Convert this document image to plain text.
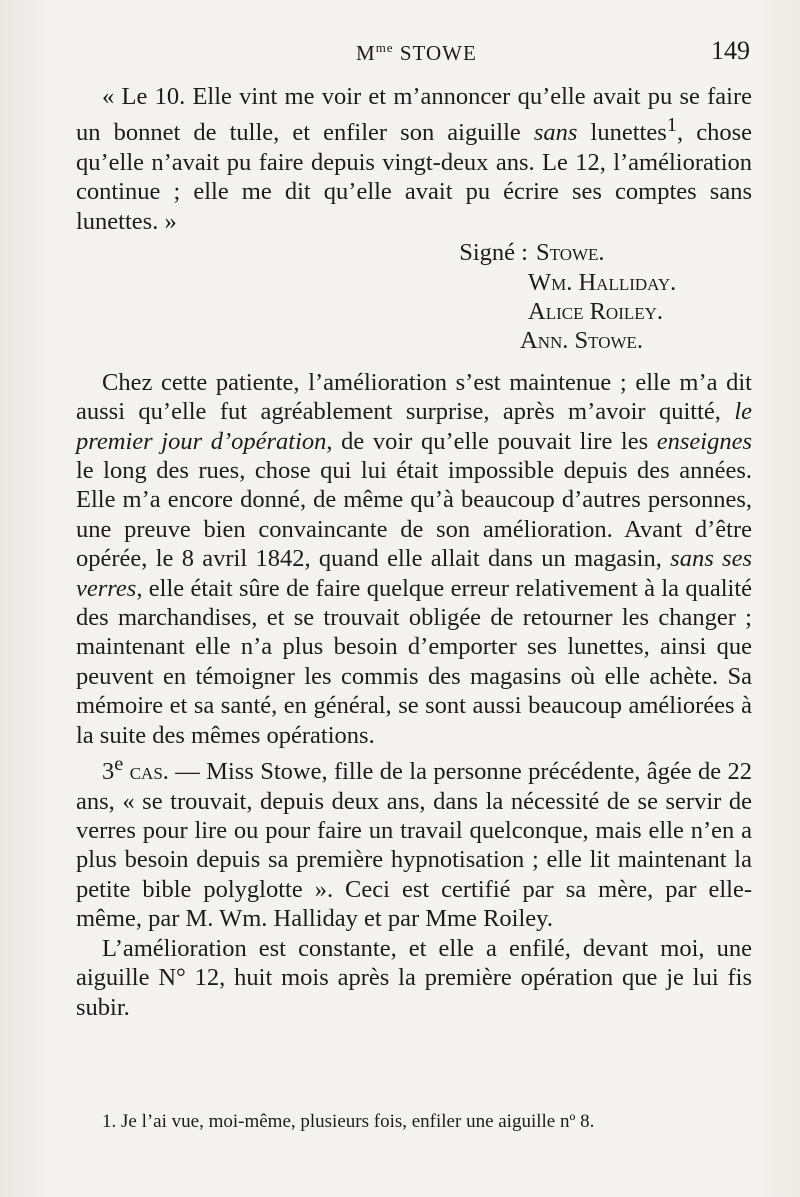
$M^{me}$ STOWE	149

« Le 10. Elle vint me voir et m’annoncer qu’elle avait pu se faire un bonnet de tulle, et enfiler son aiguille sans lunettes$^1$, chose qu’elle n’avait pu faire depuis vingt-deux ans. Le 12, l’amélioration continue ; elle me dit qu’elle avait pu écrire ses comptes sans lunettes. »

Signé : Stowe.
Wm. Halliday.
Alice Roiley.
Ann. Stowe.

Chez cette patiente, l’amélioration s’est maintenue ; elle m’a dit aussi qu’elle fut agréablement surprise, après m’avoir quitté, le premier jour d’opération, de voir qu’elle pouvait lire les enseignes le long des rues, chose qui lui était impossible depuis des années. Elle m’a encore donné, de même qu’à beaucoup d’autres personnes, une preuve bien convaincante de son amélioration. Avant d’être opérée, le 8 avril 1842, quand elle allait dans un magasin, sans ses verres, elle était sûre de faire quelque erreur relativement à la qualité des marchandises, et se trouvait obligée de retourner les changer ; maintenant elle n’a plus besoin d’emporter ses lunettes, ainsi que peuvent en témoigner les commis des magasins où elle achète. Sa mémoire et sa santé, en général, se sont aussi beaucoup améliorées à la suite des mêmes opérations.

3e cas. — Miss Stowe, fille de la personne précédente, âgée de 22 ans, « se trouvait, depuis deux ans, dans la nécessité de se servir de verres pour lire ou pour faire un travail quelconque, mais elle n’en a plus besoin depuis sa première hypnotisation ; elle lit maintenant la petite bible polyglotte ». Ceci est certifié par sa mère, par elle-même, par M. Wm. Halliday et par Mme Roiley.

L’amélioration est constante, et elle a enfilé, devant moi, une aiguille N° 12, huit mois après la première opération que je lui fis subir.

1. Je l’ai vue, moi-même, plusieurs fois, enfiler une aiguille nº 8.
